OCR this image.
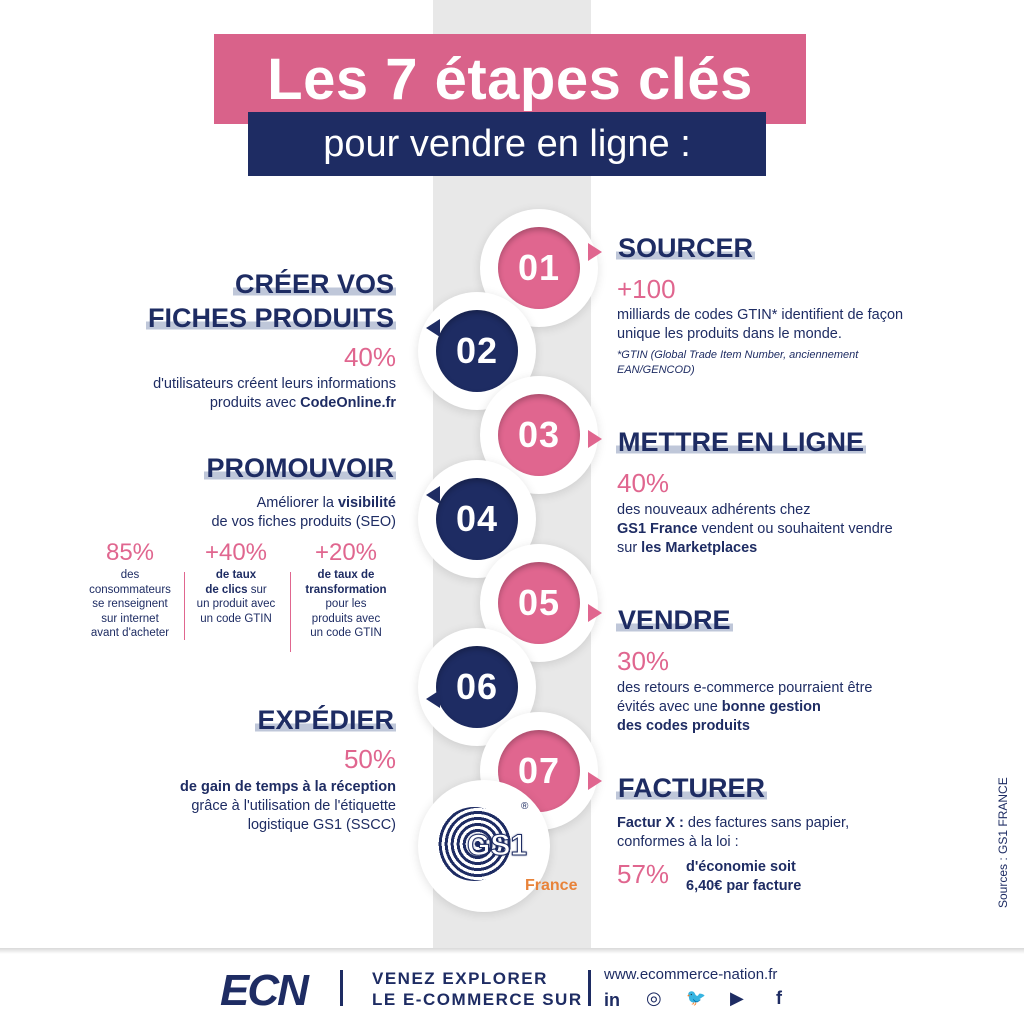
Les 7 étapes clés
pour vendre en ligne :
01
02
03
04
05
06
07
GS1
®
France
SOURCER
+100
milliards de codes GTIN* identifient de façon unique les produits dans le monde.
*GTIN (Global Trade Item Number, anciennement EAN/GENCOD)
CRÉER VOS
FICHES PRODUITS
40%
d'utilisateurs créent leurs informations
produits avec CodeOnline.fr
METTRE EN LIGNE
40%
des nouveaux adhérents chez
GS1 France vendent ou souhaitent vendre
sur les Marketplaces
PROMOUVOIR
Améliorer la visibilité
de vos fiches produits (SEO)
85%
des
consommateurs
se renseignent
sur internet
avant d'acheter
+40%
de taux
de clics sur
un produit avec
un code GTIN
+20%
de taux de
transformation
pour les
produits avec
un code GTIN	VENDRE
30%
des retours e-commerce pourraient être
évités avec une bonne gestion
des codes produits
EXPÉDIER
50%
de gain de temps à la réception
grâce à l'utilisation de l'étiquette
logistique GS1 (SSCC)
FACTURER
Factur X : des factures sans papier,
conformes à la loi :
57% d'économie soit
6,40€ par facture	Sources : GS1 FRANCE
ECN	VENEZ EXPLORER
LE E-COMMERCE SUR
www.ecommerce-nation.fr
in ◎ 🐦 ▶ f
